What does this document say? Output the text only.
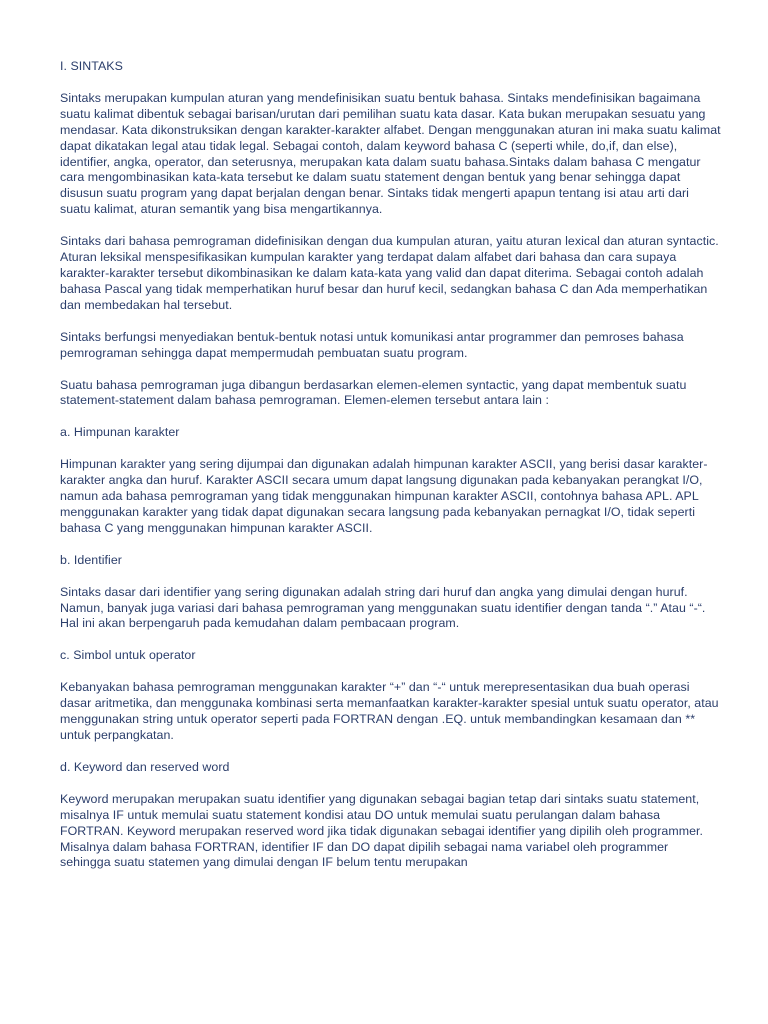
I. SINTAKS

Sintaks merupakan kumpulan aturan yang mendefinisikan suatu bentuk bahasa. Sintaks mendefinisikan bagaimana suatu kalimat dibentuk sebagai barisan/urutan dari pemilihan suatu kata dasar. Kata bukan merupakan sesuatu yang mendasar. Kata dikonstruksikan dengan karakter-karakter alfabet. Dengan menggunakan aturan ini maka suatu kalimat dapat dikatakan legal atau tidak legal. Sebagai contoh, dalam keyword bahasa C (seperti while, do,if, dan else), identifier, angka, operator, dan seterusnya, merupakan kata dalam suatu bahasa.Sintaks dalam bahasa C mengatur cara mengombinasikan kata-kata tersebut ke dalam suatu statement dengan bentuk yang benar sehingga dapat disusun suatu program yang dapat berjalan dengan benar. Sintaks tidak mengerti apapun tentang isi atau arti dari suatu kalimat, aturan semantik yang bisa mengartikannya.

Sintaks dari bahasa pemrograman didefinisikan dengan dua kumpulan aturan, yaitu aturan lexical dan aturan syntactic. Aturan leksikal menspesifikasikan kumpulan karakter yang terdapat dalam alfabet dari bahasa dan cara supaya karakter-karakter tersebut dikombinasikan ke dalam kata-kata yang valid dan dapat diterima. Sebagai contoh adalah bahasa Pascal yang tidak memperhatikan huruf besar dan huruf kecil, sedangkan bahasa C dan Ada memperhatikan dan membedakan hal tersebut.

Sintaks berfungsi menyediakan bentuk-bentuk notasi untuk komunikasi antar programmer dan pemroses bahasa pemrograman sehingga dapat mempermudah pembuatan suatu program.

Suatu bahasa pemrograman juga dibangun berdasarkan elemen-elemen syntactic, yang dapat membentuk suatu statement-statement dalam bahasa pemrograman. Elemen-elemen tersebut antara lain :

a. Himpunan karakter

Himpunan karakter yang sering dijumpai dan digunakan adalah himpunan karakter ASCII, yang berisi dasar karakter-karakter angka dan huruf. Karakter ASCII secara umum dapat langsung digunakan pada kebanyakan perangkat I/O, namun ada bahasa pemrograman yang tidak menggunakan himpunan karakter ASCII, contohnya bahasa APL. APL menggunakan karakter yang tidak dapat digunakan secara langsung pada kebanyakan pernagkat I/O, tidak seperti bahasa C yang menggunakan himpunan karakter ASCII.

b. Identifier

Sintaks dasar dari identifier yang sering digunakan adalah string dari huruf dan angka yang dimulai dengan huruf. Namun, banyak juga variasi dari bahasa pemrograman yang menggunakan suatu identifier dengan tanda “.” Atau “-“. Hal ini akan berpengaruh pada kemudahan dalam pembacaan program.

c. Simbol untuk operator

Kebanyakan bahasa pemrograman menggunakan karakter “+” dan “-“ untuk merepresentasikan dua buah operasi dasar aritmetika, dan menggunaka kombinasi serta memanfaatkan karakter-karakter spesial untuk suatu operator, atau menggunakan string untuk operator seperti pada FORTRAN dengan .EQ. untuk membandingkan kesamaan dan ** untuk perpangkatan.

d. Keyword dan reserved word

Keyword merupakan merupakan suatu identifier yang digunakan sebagai bagian tetap dari sintaks suatu statement, misalnya IF untuk memulai suatu statement kondisi atau DO untuk memulai suatu perulangan dalam bahasa FORTRAN. Keyword merupakan reserved word jika tidak digunakan sebagai identifier yang dipilih oleh programmer. Misalnya dalam bahasa FORTRAN, identifier IF dan DO dapat dipilih sebagai nama variabel oleh programmer sehingga suatu statemen yang dimulai dengan IF belum tentu merupakan
